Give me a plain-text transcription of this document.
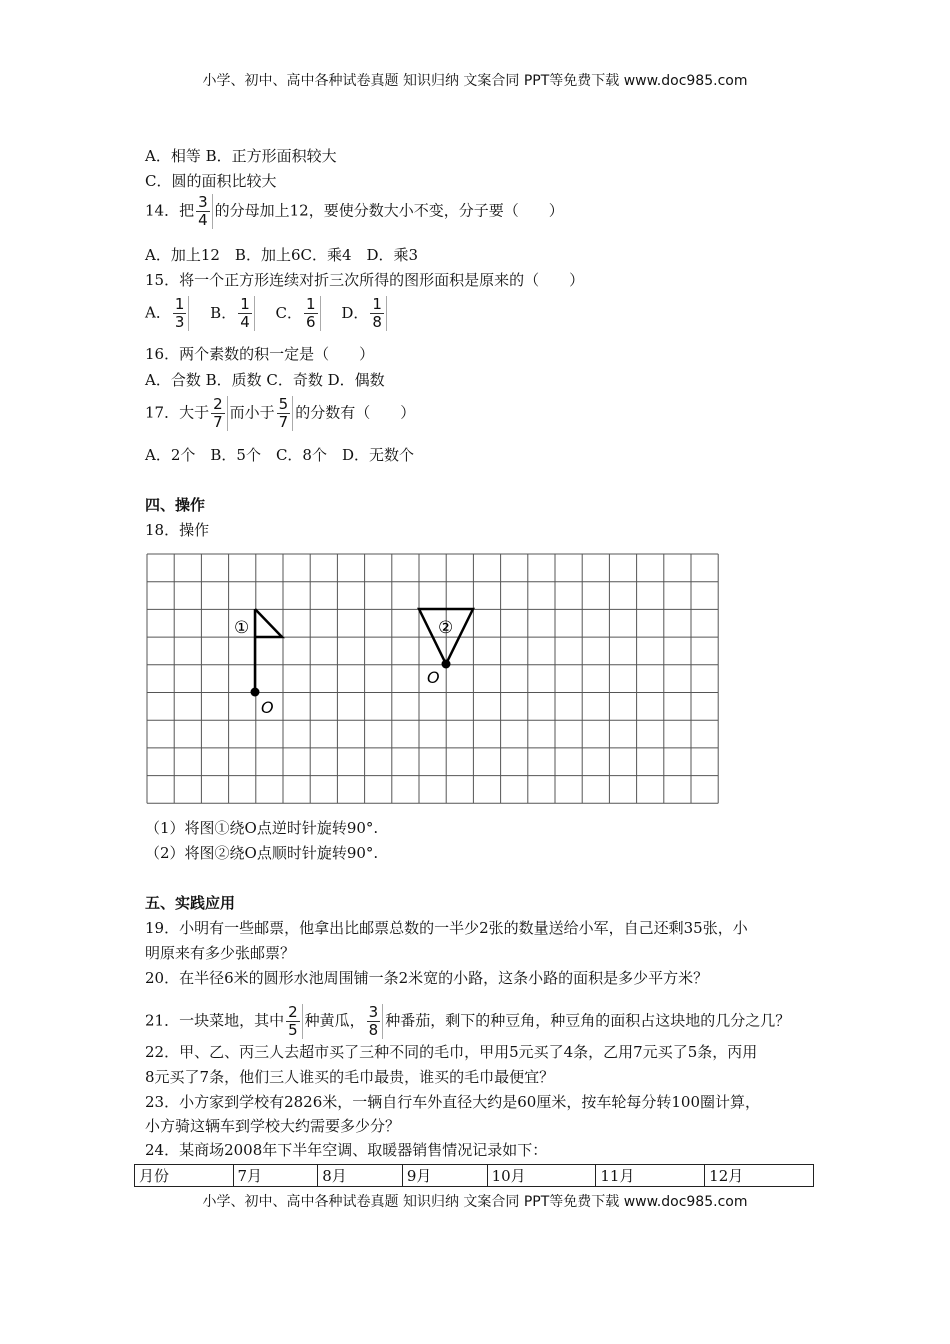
小学、初中、高中各种试卷真题 知识归纳 文案合同 PPT等免费下载 www.doc985.com
A．相等 B．正方形面积较大
C．圆的面积比较大
14．把 $\frac{3}{4}$ 的分母加上12，要使分数大小不变，分子要（　　）
A．加上12　B．加上6C．乘4　D．乘3
15．将一个正方形连续对折三次所得的图形面积是原来的（　　）
A． $\frac{1}{3}$ B． $\frac{1}{4}$ C． $\frac{1}{6}$ D． $\frac{1}{8}$
16．两个素数的积一定是（　　）
A．合数 B．质数 C．奇数 D．偶数
17．大于 $\frac{2}{7}$ 而小于 $\frac{5}{7}$ 的分数有（　　）
A．2个　B．5个　C．8个　D．无数个
四、操作
18．操作
①
O
②
O
（1）将图①绕O点逆时针旋转90°.
（2）将图②绕O点顺时针旋转90°.
五、实践应用
19．小明有一些邮票，他拿出比邮票总数的一半少2张的数量送给小军，自己还剩35张，小
明原来有多少张邮票？
20．在半径6米的圆形水池周围铺一条2米宽的小路，这条小路的面积是多少平方米？
21．一块菜地，其中 $\frac{2}{5}$ 种黄瓜， $\frac{3}{8}$ 种番茄，剩下的种豆角，种豆角的面积占这块地的几分之几？
22．甲、乙、丙三人去超市买了三种不同的毛巾，甲用5元买了4条，乙用7元买了5条，丙用
8元买了7条，他们三人谁买的毛巾最贵，谁买的毛巾最便宜？
23．小方家到学校有2826米，一辆自行车外直径大约是60厘米，按车轮每分转100圈计算，
小方骑这辆车到学校大约需要多少分？
24．某商场2008年下半年空调、取暖器销售情况记录如下：
月份	7月	8月	9月	10月	11月	12月
小学、初中、高中各种试卷真题 知识归纳 文案合同 PPT等免费下载 www.doc985.com
